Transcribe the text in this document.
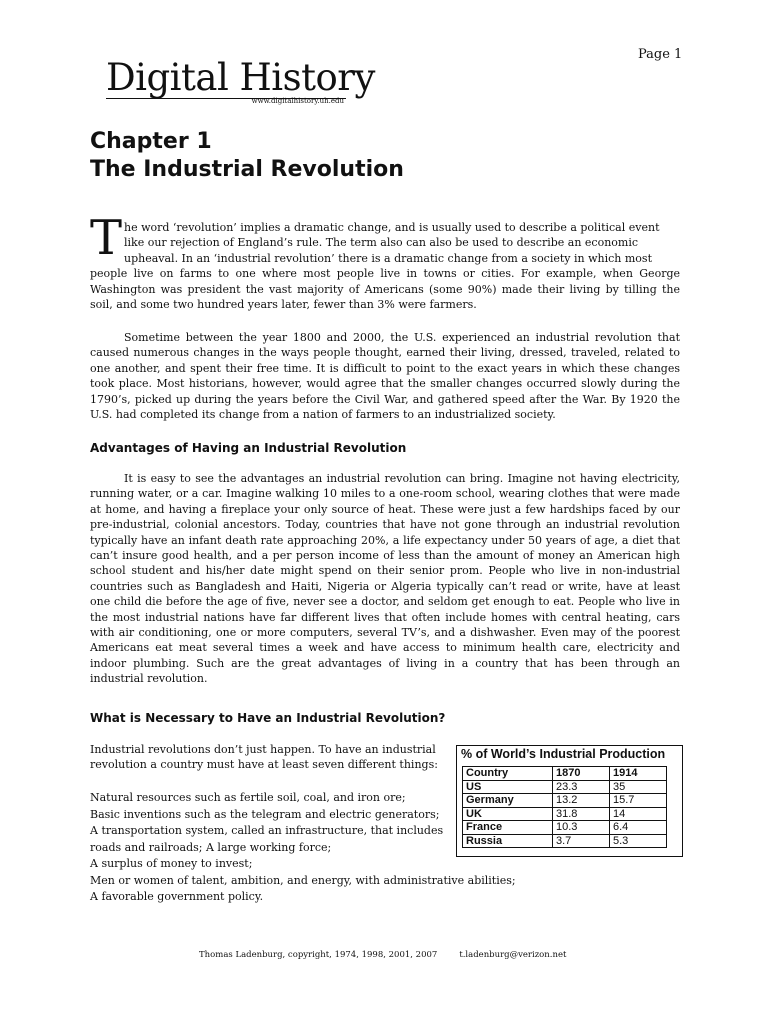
Page 1
Digital History
www.digitalhistory.uh.edu
Chapter 1
The Industrial Revolution
T he word ‘revolution’ implies a dramatic change, and is usually used to describe a political event

like our rejection of England’s rule. The term also can also be used to describe an economic

upheaval. In an ‘industrial revolution’ there is a dramatic change from a society in which most

people live on farms to one where most people live in towns or cities. For example, when George Washington was president the vast majority of Americans (some 90%) made their living by tilling the soil, and some two hundred years later, fewer than 3% were farmers.

Sometime between the year 1800 and 2000, the U.S. experienced an industrial revolution that caused numerous changes in the ways people thought, earned their living, dressed, traveled, related to one another, and spent their free time. It is difficult to point to the exact years in which these changes took place. Most historians, however, would agree that the smaller changes occurred slowly during the 1790’s, picked up during the years before the Civil War, and gathered speed after the War. By 1920 the U.S. had completed its change from a nation of farmers to an industrialized society.

Advantages of Having an Industrial Revolution

It is easy to see the advantages an industrial revolution can bring. Imagine not having electricity, running water, or a car. Imagine walking 10 miles to a one-room school, wearing clothes that were made at home, and having a fireplace your only source of heat. These were just a few hardships faced by our pre-industrial, colonial ancestors. Today, countries that have not gone through an industrial revolution typically have an infant death rate approaching 20%, a life expectancy under 50 years of age, a diet that can’t insure good health, and a per person income of less than the amount of money an American high school student and his/her date might spend on their senior prom. People who live in non-industrial countries such as Bangladesh and Haiti, Nigeria or Algeria typically can’t read or write, have at least one child die before the age of five, never see a doctor, and seldom get enough to eat. People who live in the most industrial nations have far different lives that often include homes with central heating, cars with air conditioning, one or more computers, several TV’s, and a dishwasher. Even may of the poorest Americans eat meat several times a week and have access to minimum health care, electricity and indoor plumbing. Such are the great advantages of living in a country that has been through an industrial revolution.

What is Necessary to Have an Industrial Revolution?
Industrial revolutions don’t just happen. To have an industrial
revolution a country must have at least seven different things:
Natural resources such as fertile soil, coal, and iron ore;
Basic inventions such as the telegram and electric generators;
A transportation system, called an infrastructure, that includes
roads and railroads; A large working force;
A surplus of money to invest;
Men or women of talent, ambition, and energy, with administrative abilities;
A favorable government policy.
% of World’s Industrial Production
Country	1870	1914
US	23.3	35
Germany	13.2	15.7
UK	31.8	14
France	10.3	6.4
Russia	3.7	5.3
Thomas Ladenburg, copyright, 1974, 1998, 2001, 2007	t.ladenburg@verizon.net
